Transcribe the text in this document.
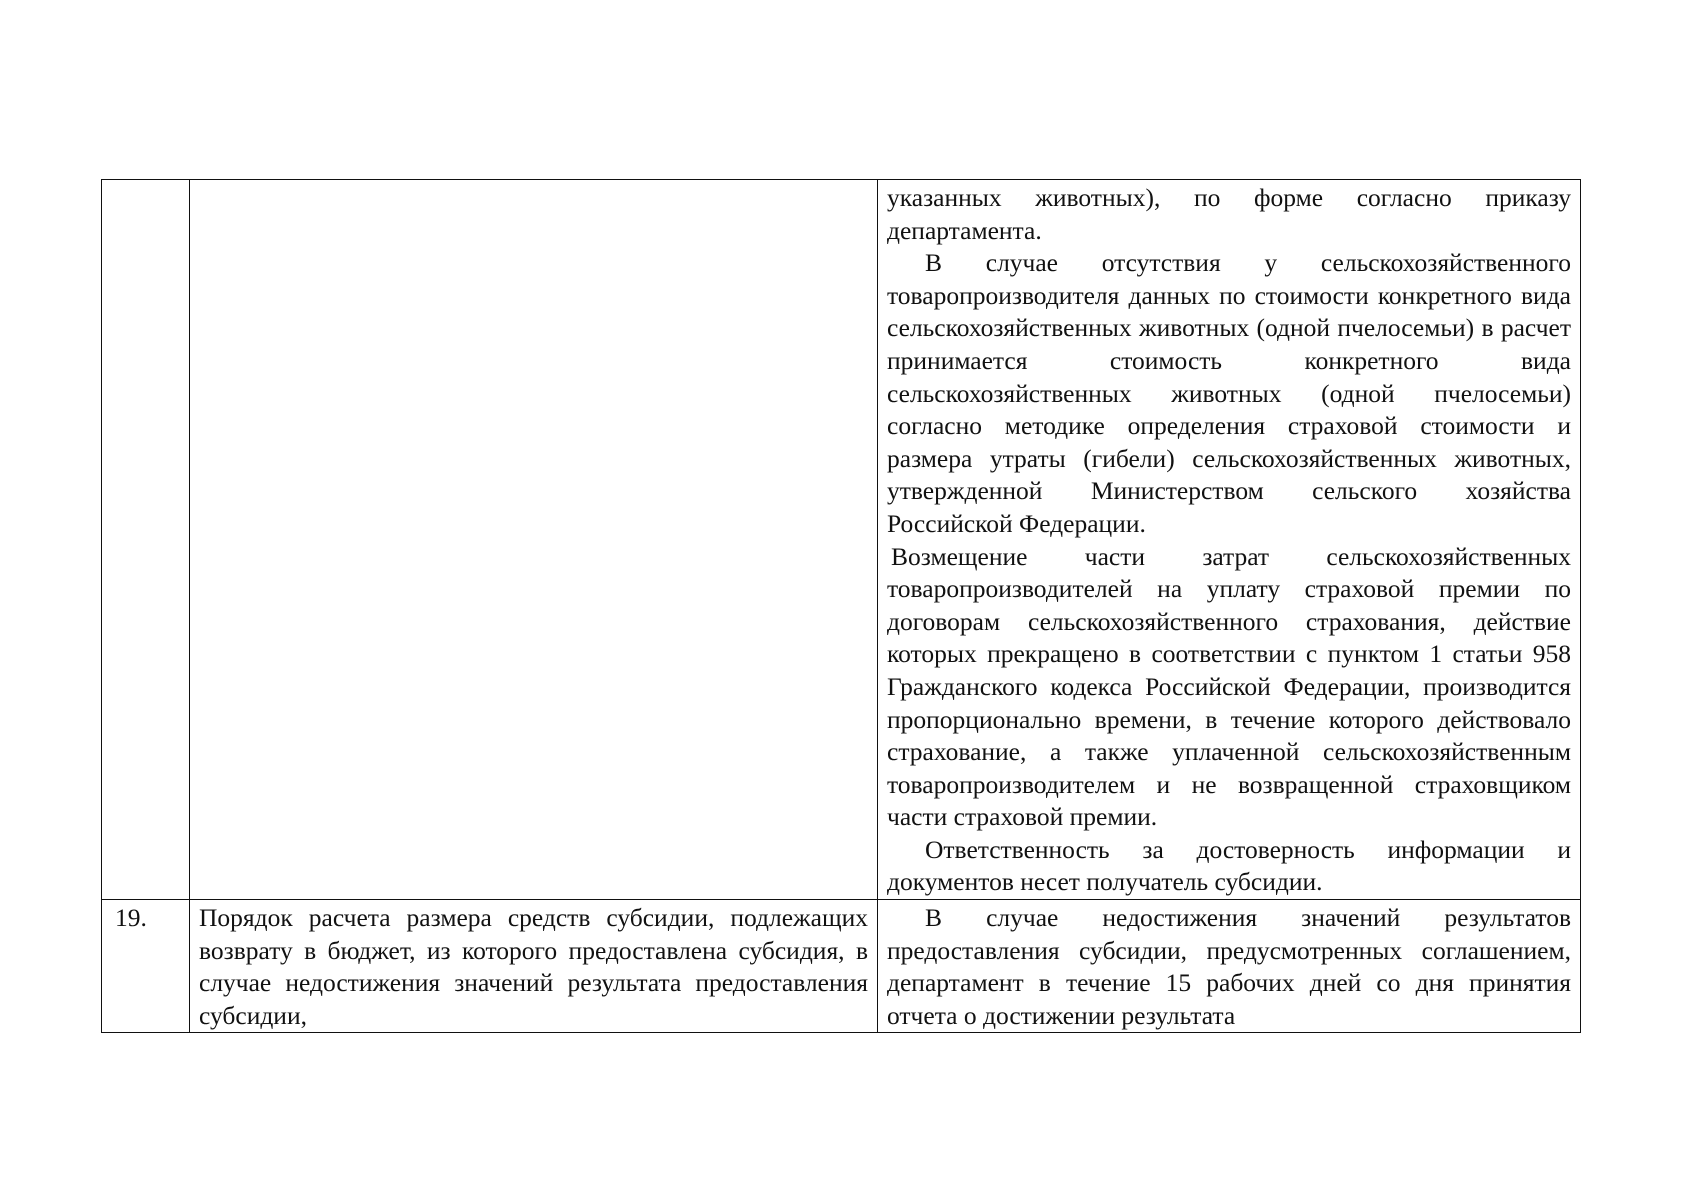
		указанных животных), по форме согласно приказу департамента.

В случае отсутствия у сельскохозяйственного товаропроизводителя данных по стоимости конкретного вида сельскохозяйственных животных (одной пчелосемьи) в расчет принимается стоимость конкретного вида сельскохозяйственных животных (одной пчелосемьи) согласно методике определения страховой стоимости и размера утраты (гибели) сельскохозяйственных животных, утвержденной Министерством сельского хозяйства Российской Федерации.

Возмещение части затрат сельскохозяйственных товаропроизводителей на уплату страховой премии по договорам сельскохозяйственного страхования, действие которых прекращено в соответствии с пунктом 1 статьи 958 Гражданского кодекса Российской Федерации, производится пропорционально времени, в течение которого действовало страхование, а также уплаченной сельскохозяйственным товаропроизводителем и не возвращенной страховщиком части страховой премии.

Ответственность за достоверность информации и документов несет получатель субсидии.

19.	Порядок расчета размера средств субсидии, подлежащих возврату в бюджет, из которого предоставлена субсидия, в случае недостижения значений результата предоставления субсидии,	В случае недостижения значений результатов предоставления субсидии, предусмотренных соглашением, департамент в течение 15 рабочих дней со дня принятия отчета о достижении результата
